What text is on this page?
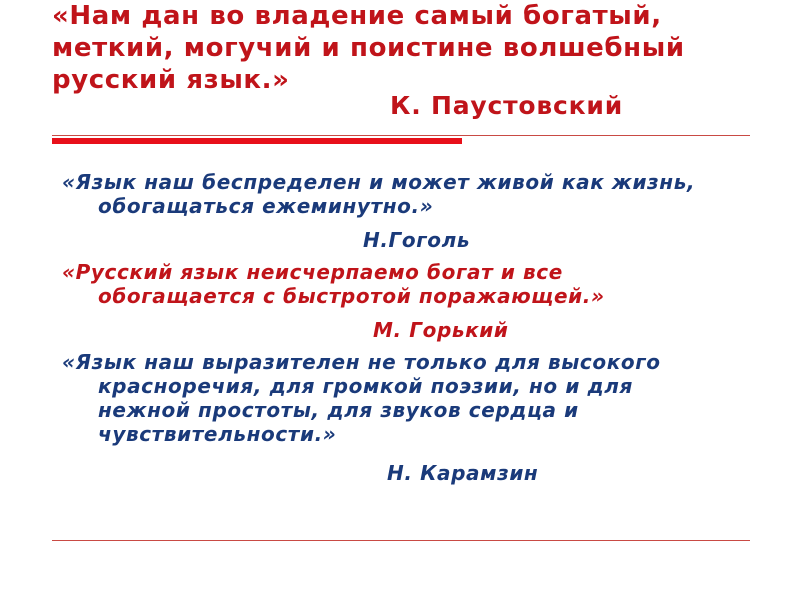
«Нам дан во владение самый богатый,
меткий, могучий и поистине волшебный
русский язык.»
К. Паустовский
«Язык наш беспределен и может живой как жизнь,
обогащаться ежеминутно.»
Н.Гоголь
«Русский язык неисчерпаемо богат и все
обогащается с быстротой поражающей.»
М. Горький
«Язык наш выразителен не только для высокого
красноречия, для громкой поэзии, но и для
нежной простоты, для звуков сердца и
чувствительности.»
Н. Карамзин
